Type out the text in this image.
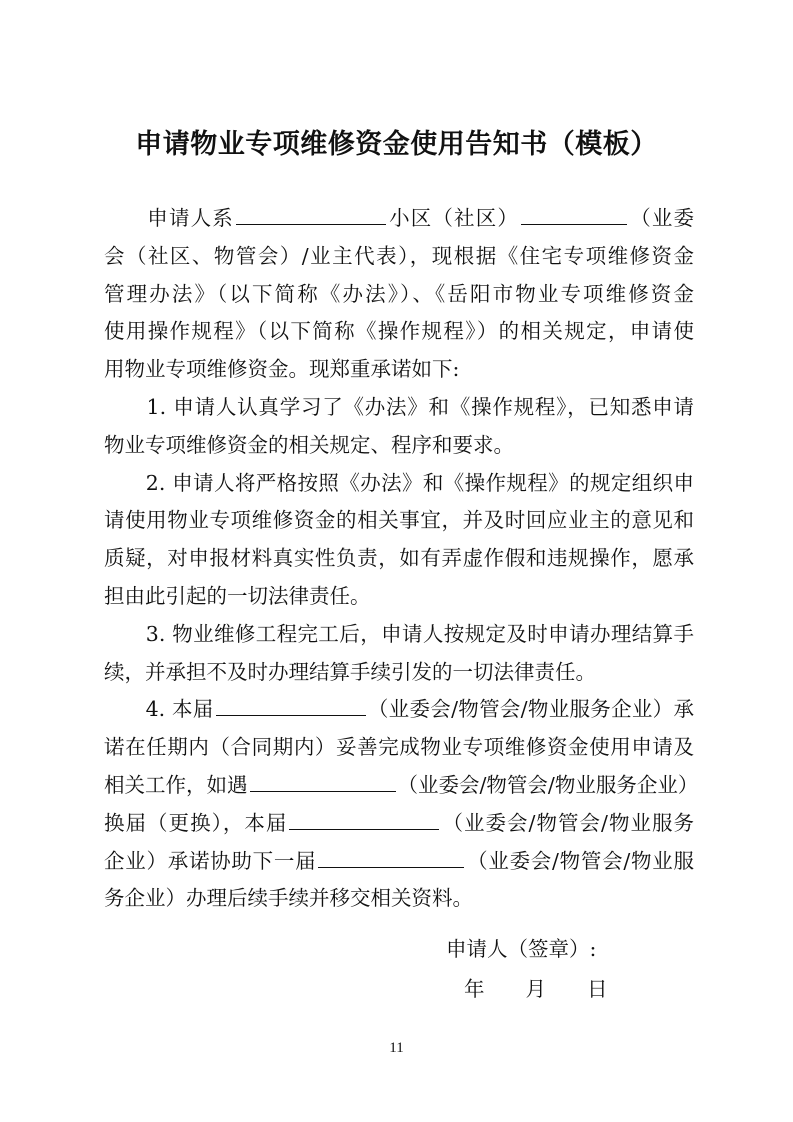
申请物业专项维修资金使用告知书（模板）
　　申请人系	小区（社区）	（业委
会（社区、物管会）/业主代表），现根据《住宅专项维修资金
管理办法》（以下简称《办法》）、《岳阳市物业专项维修资金
使用操作规程》（以下简称《操作规程》）的相关规定，申请使
用物业专项维修资金。现郑重承诺如下:
　　1. 申请人认真学习了《办法》和《操作规程》，已知悉申请
物业专项维修资金的相关规定、程序和要求。
　　2. 申请人将严格按照《办法》和《操作规程》的规定组织申
请使用物业专项维修资金的相关事宜，并及时回应业主的意见和
质疑，对申报材料真实性负责，如有弄虚作假和违规操作，愿承
担由此引起的一切法律责任。
　　3. 物业维修工程完工后，申请人按规定及时申请办理结算手
续，并承担不及时办理结算手续引发的一切法律责任。
　　4. 本届	（业委会/物管会/物业服务企业）承
诺在任期内（合同期内）妥善完成物业专项维修资金使用申请及
相关工作，如遇	（业委会/物管会/物业服务企业）
换届（更换），本届	（业委会/物管会/物业服务
企业）承诺协助下一届	（业委会/物管会/物业服
务企业）办理后续手续并移交相关资料。
申请人（签章）:
年　　月　　日
11
